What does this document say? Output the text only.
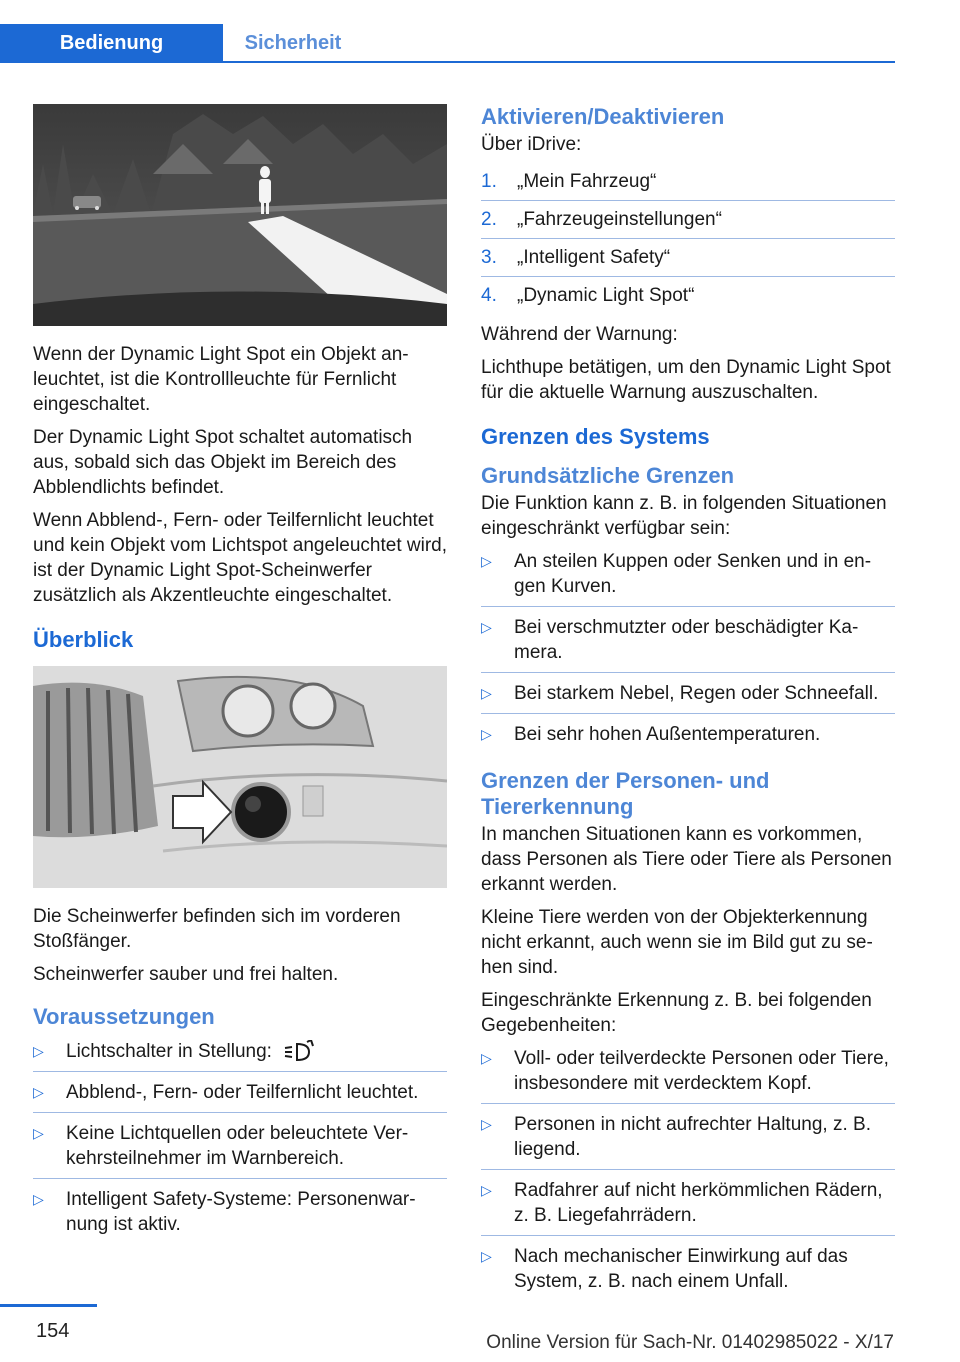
Bedienung	Sicherheit

Wenn der Dynamic Light Spot ein Objekt anleuchtet, ist die Kontrollleuchte für Fernlicht eingeschaltet.

Der Dynamic Light Spot schaltet automatisch aus, sobald sich das Objekt im Bereich des Abblendlichts befindet.

Wenn Abblend-, Fern- oder Teilfernlicht leuchtet und kein Objekt vom Lichtspot angeleuchtet wird, ist der Dynamic Light Spot-Scheinwerfer zusätzlich als Akzentleuchte eingeschaltet.

Überblick

Die Scheinwerfer befinden sich im vorderen Stoßfänger.

Scheinwerfer sauber und frei halten.

Voraussetzungen
▷ Lichtschalter in Stellung:
▷ Abblend-, Fern- oder Teilfernlicht leuchtet.
▷ Keine Lichtquellen oder beleuchtete Verkehrsteilnehmer im Warnbereich.
▷ Intelligent Safety-Systeme: Personenwarnung ist aktiv.
Aktivieren/Deaktivieren

Über iDrive:

1. „Mein Fahrzeug“
2. „Fahrzeugeinstellungen“
3. „Intelligent Safety“
4. „Dynamic Light Spot“

Während der Warnung:

Lichthupe betätigen, um den Dynamic Light Spot für die aktuelle Warnung auszuschalten.

Grenzen des Systems
Grundsätzliche Grenzen

Die Funktion kann z. B. in folgenden Situationen eingeschränkt verfügbar sein:

▷ An steilen Kuppen oder Senken und in engen Kurven.
▷ Bei verschmutzter oder beschädigter Kamera.
▷ Bei starkem Nebel, Regen oder Schneefall.
▷ Bei sehr hohen Außentemperaturen.
Grenzen der Personen- und Tiererkennung

In manchen Situationen kann es vorkommen, dass Personen als Tiere oder Tiere als Personen erkannt werden.

Kleine Tiere werden von der Objekterkennung nicht erkannt, auch wenn sie im Bild gut zu sehen sind.

Eingeschränkte Erkennung z. B. bei folgenden Gegebenheiten:

▷ Voll- oder teilverdeckte Personen oder Tiere, insbesondere mit verdecktem Kopf.
▷ Personen in nicht aufrechter Haltung, z. B. liegend.
▷ Radfahrer auf nicht herkömmlichen Rädern, z. B. Liegefahrrädern.
▷ Nach mechanischer Einwirkung auf das System, z. B. nach einem Unfall.
154
Online Version für Sach-Nr. 01402985022 - X/17
